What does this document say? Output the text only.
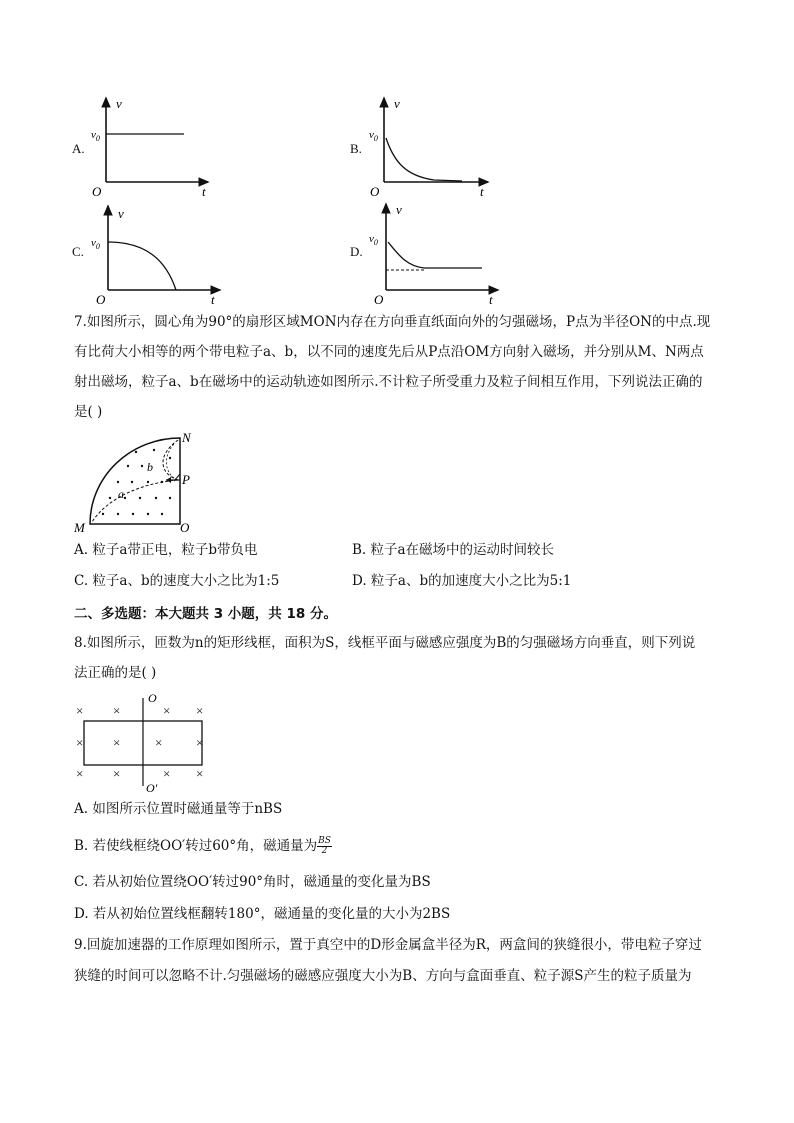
A.
v
$v_0$
O	t
B.
v
$v_0$
O	t
C.
v
$v_0$
O	t
D.
v
$v_0$
O	t
7.如图所示，圆心角为90°的扇形区域MON内存在方向垂直纸面向外的匀强磁场，P点为半径ON的中点.现
有比荷大小相等的两个带电粒子a、b，以不同的速度先后从P点沿OM方向射入磁场，并分别从M、N两点
射出磁场，粒子a、b在磁场中的运动轨迹如图所示.不计粒子所受重力及粒子间相互作用，下列说法正确的
是( )
N
P
M	O
a
b
A. 粒子a带正电，粒子b带负电	B. 粒子a在磁场中的运动时间较长
C. 粒子a、b的速度大小之比为1:5	D. 粒子a、b的加速度大小之比为5:1
二、多选题：本大题共 3 小题，共 18 分。
8.如图所示，匝数为n的矩形线框，面积为S，线框平面与磁感应强度为B的匀强磁场方向垂直，则下列说
法正确的是( )
× ×	× ×
× ×	×	×
× ×	× ×
O
O′
A. 如图所示位置时磁通量等于nBS
B. 若使线框绕OO′转过60°角，磁通量为 $\frac{BS}{2}$
C. 若从初始位置绕OO′转过90°角时，磁通量的变化量为BS
D. 若从初始位置线框翻转180°，磁通量的变化量的大小为2BS
9.回旋加速器的工作原理如图所示，置于真空中的D形金属盒半径为R，两盒间的狭缝很小，带电粒子穿过
狭缝的时间可以忽略不计.匀强磁场的磁感应强度大小为B、方向与盒面垂直、粒子源S产生的粒子质量为
